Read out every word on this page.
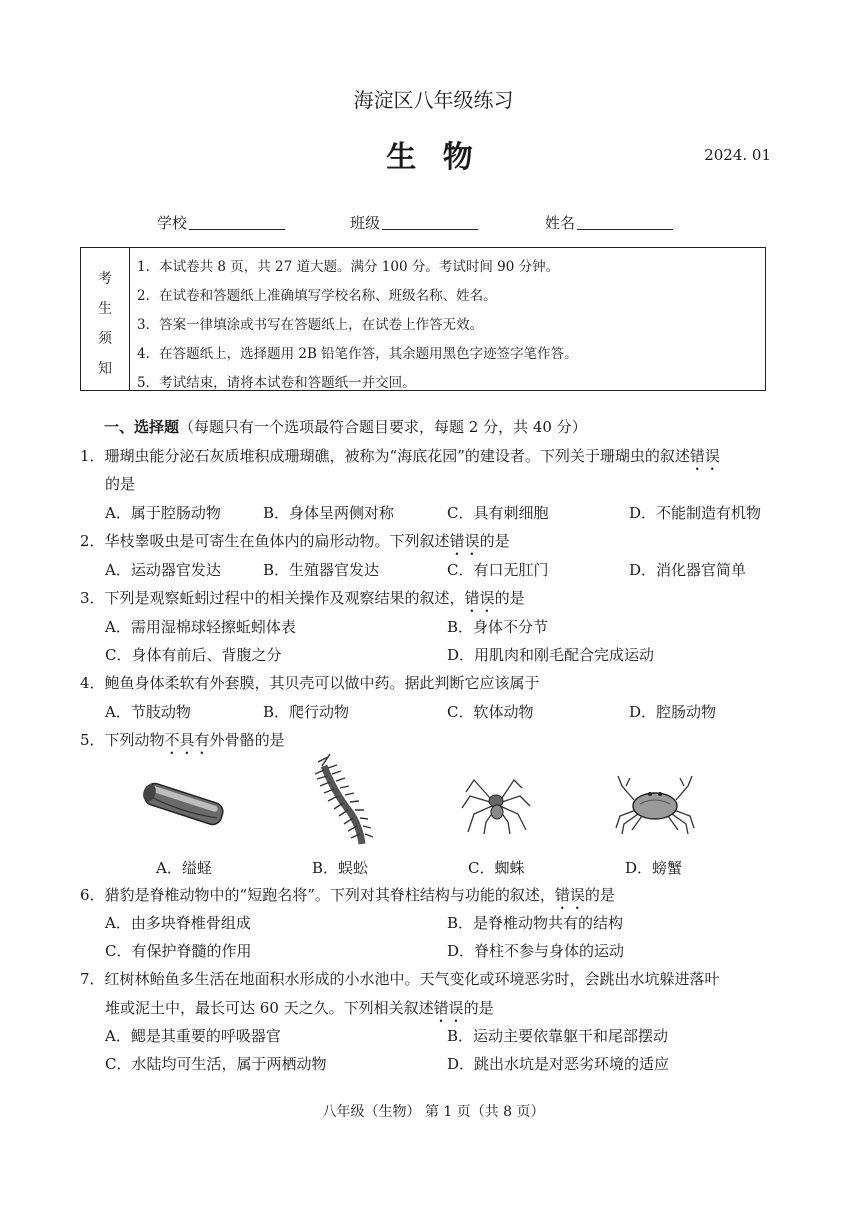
海淀区八年级练习
生 物	2024. 01
学校	班级	姓名
考
生
须
知
1．本试卷共 8 页，共 27 道大题。满分 100 分。考试时间 90 分钟。
2．在试卷和答题纸上准确填写学校名称、班级名称、姓名。
3．答案一律填涂或书写在答题纸上，在试卷上作答无效。
4．在答题纸上，选择题用 2B 铅笔作答，其余题用黑色字迹签字笔作答。
5．考试结束，请将本试卷和答题纸一并交回。
一、选择题（每题只有一个选项最符合题目要求，每题 2 分，共 40 分）
1．珊瑚虫能分泌石灰质堆积成珊瑚礁，被称为“海底花园”的建设者。下列关于珊瑚虫的叙述错误
的是
A．属于腔肠动物	B．身体呈两侧对称	C．具有刺细胞	D．不能制造有机物
2．华枝睾吸虫是可寄生在鱼体内的扁形动物。下列叙述错误的是
A．运动器官发达	B．生殖器官发达	C．有口无肛门	D．消化器官简单
3．下列是观察蚯蚓过程中的相关操作及观察结果的叙述，错误的是
A．需用湿棉球轻擦蚯蚓体表	B．身体不分节
C．身体有前后、背腹之分	D．用肌肉和刚毛配合完成运动
4．鲍鱼身体柔软有外套膜，其贝壳可以做中药。据此判断它应该属于
A．节肢动物	B．爬行动物	C．软体动物	D．腔肠动物
5．下列动物不具有外骨骼的是
A．缢蛏	B．蜈蚣	C．蜘蛛	D．螃蟹
6．猎豹是脊椎动物中的“短跑名将”。下列对其脊柱结构与功能的叙述，错误的是
A．由多块脊椎骨组成	B．是脊椎动物共有的结构
C．有保护脊髓的作用	D．脊柱不参与身体的运动
7．红树林鲐鱼多生活在地面积水形成的小水池中。天气变化或环境恶劣时，会跳出水坑躲进落叶
堆或泥土中，最长可达 60 天之久。下列相关叙述错误的是
A．鳃是其重要的呼吸器官	B．运动主要依靠躯干和尾部摆动
C．水陆均可生活，属于两栖动物	D．跳出水坑是对恶劣环境的适应
八年级（生物） 第 1 页（共 8 页）
